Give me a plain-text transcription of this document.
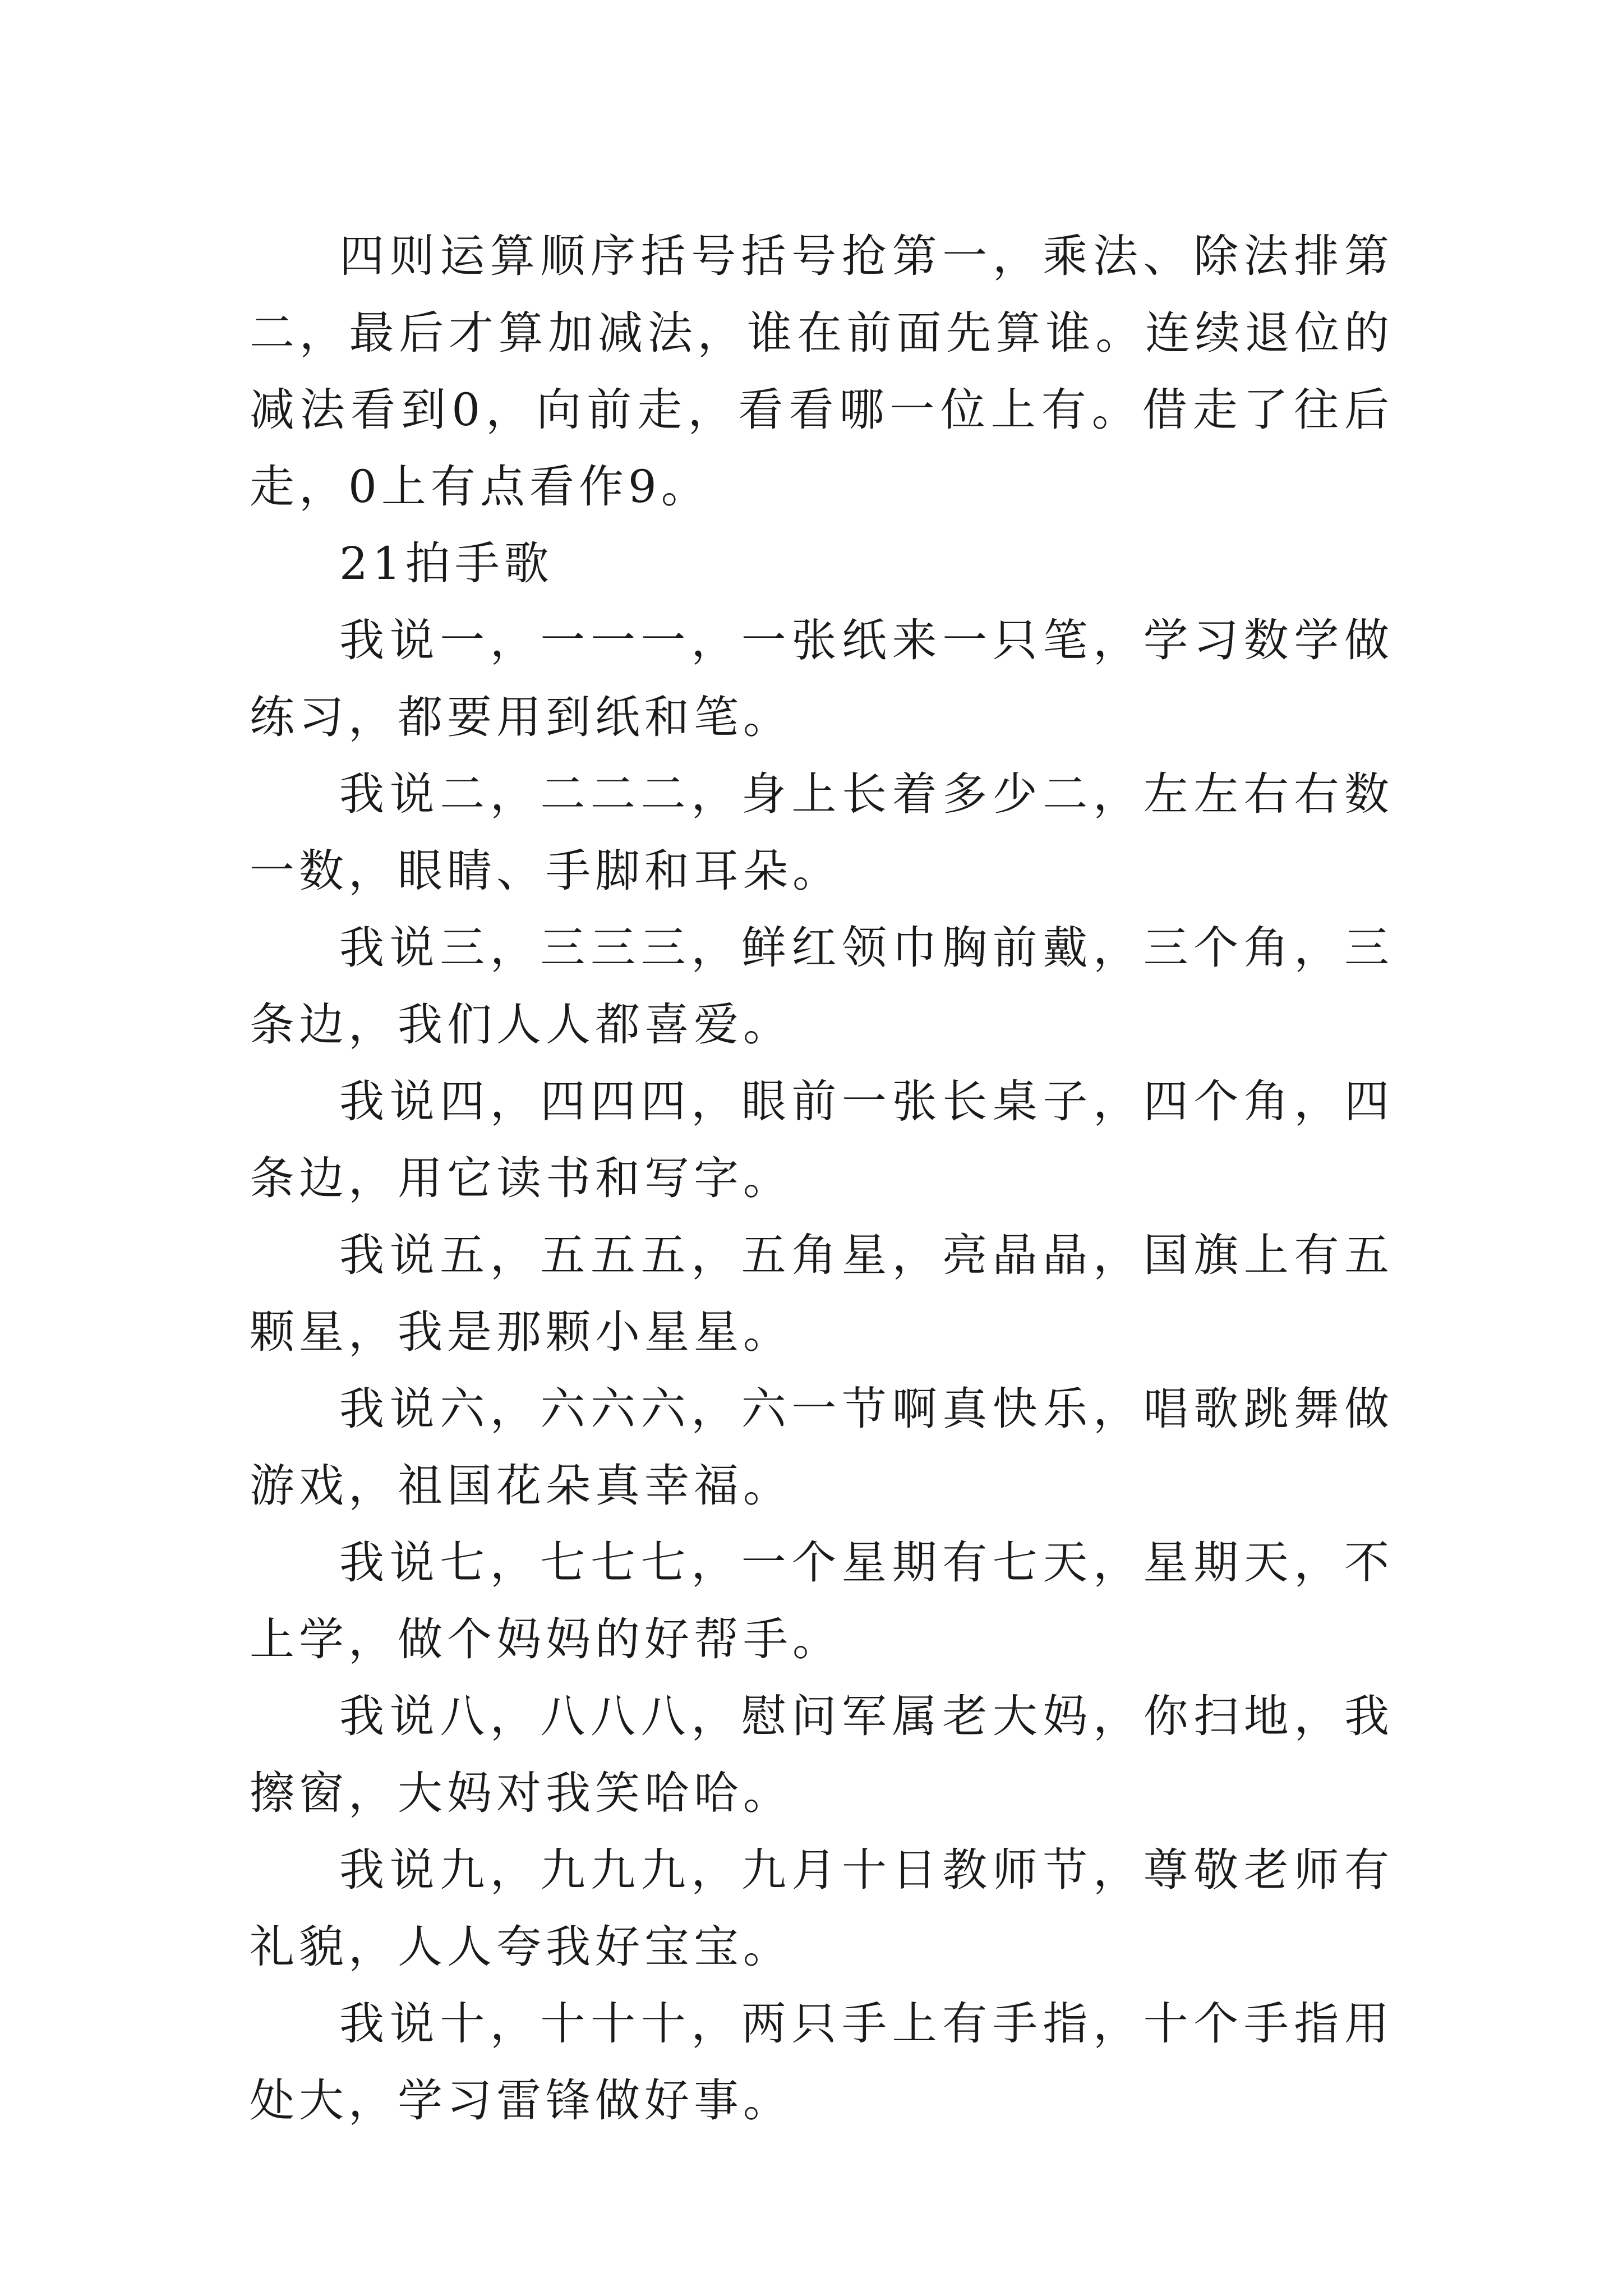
四则运算顺序括号括号抢第一，乘法、除法排第二，最后才算加减法，谁在前面先算谁。连续退位的减法看到0，向前走，看看哪一位上有。借走了往后走，0上有点看作9。

21拍手歌

我说一，一一一，一张纸来一只笔，学习数学做练习，都要用到纸和笔。

我说二，二二二，身上长着多少二，左左右右数一数，眼睛、手脚和耳朵。

我说三，三三三，鲜红领巾胸前戴，三个角，三条边，我们人人都喜爱。

我说四，四四四，眼前一张长桌子，四个角，四条边，用它读书和写字。

我说五，五五五，五角星，亮晶晶，国旗上有五颗星，我是那颗小星星。

我说六，六六六，六一节啊真快乐，唱歌跳舞做游戏，祖国花朵真幸福。

我说七，七七七，一个星期有七天，星期天，不上学，做个妈妈的好帮手。

我说八，八八八，慰问军属老大妈，你扫地，我擦窗，大妈对我笑哈哈。

我说九，九九九，九月十日教师节，尊敬老师有礼貌，人人夸我好宝宝。

我说十，十十十，两只手上有手指，十个手指用处大，学习雷锋做好事。
